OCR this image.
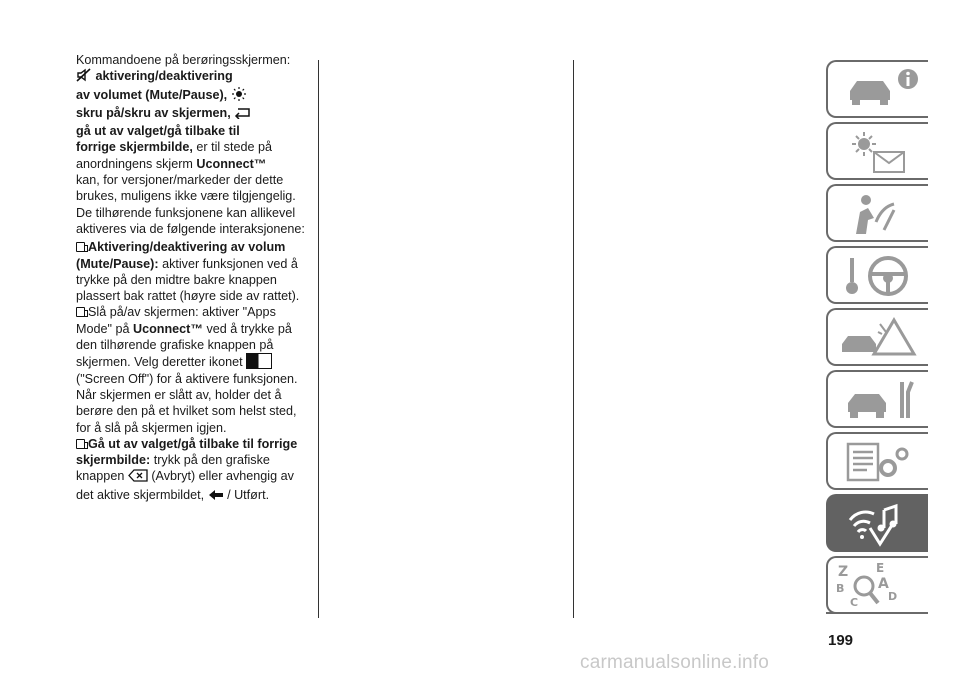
Kommandoene på berøringsskjermen:

aktivering/deaktivering

av volumet (Mute/Pause),

skru på/skru av skjermen,

gå ut av valget/gå tilbake til

forrige skjermbilde, er til stede på

anordningens skjerm Uconnect™

kan, for versjoner/markeder der dette brukes, muligens ikke være tilgjengelig. De tilhørende funksjonene kan allikevel aktiveres via de følgende interaksjonene:

Aktivering/deaktivering av volum (Mute/Pause): aktiver funksjonen ved å trykke på den midtre bakre knappen plassert bak rattet (høyre side av rattet).

Slå på/av skjermen: aktiver "Apps Mode" på Uconnect™ ved å trykke på den tilhørende grafiske knappen på skjermen. Velg deretter ikonet  ("Screen Off") for å aktivere funksjonen. Når skjermen er slått av, holder det å berøre den på et hvilket som helst sted, for å slå på skjermen igjen.

Gå ut av valget/gå tilbake til forrige skjermbilde: trykk på den grafiske knappen  (Avbryt) eller avhengig av det aktive skjermbildet,  / Utført.

Z E
B A
C	D
199
carmanualsonline.info
